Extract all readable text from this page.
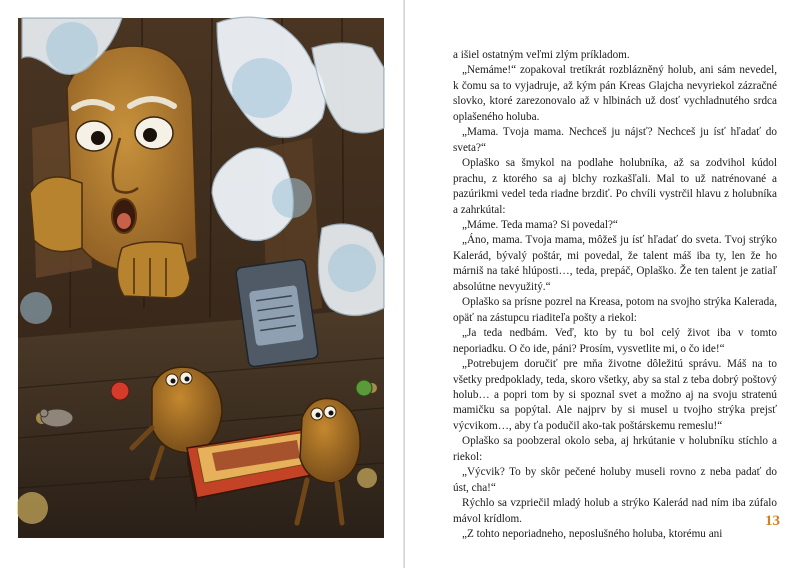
a išiel ostatným veľmi zlým príkladom.

„Nemáme!“ zopakoval tretíkrát rozblázněný holub, ani sám nevedel, k čomu sa to vyjadruje, až kým pán Kreas Glajcha nevyriekol zázračné slovko, ktoré zarezonovalo až v hlbinách už dosť vychladnutého srdca oplašeného holuba.

„Mama. Tvoja mama. Nechceš ju nájsť? Nechceš ju ísť hľadať do sveta?“

Oplaško sa šmykol na podlahe holubníka, až sa zodvihol kúdol prachu, z ktorého sa aj blchy rozkašľali. Mal to už natrénované a pazúrikmi vedel teda riadne brzdiť. Po chvíli vystrčil hlavu z holubníka a zahrkútal:

„Máme. Teda mama? Si povedal?“

„Áno, mama. Tvoja mama, môžeš ju ísť hľadať do sveta. Tvoj strýko Kalerád, bývalý poštár, mi povedal, že talent máš iba ty, len že ho márniš na také hlúposti…, teda, prepáč, Oplaško. Že ten talent je zatiaľ absolútne nevyužitý.“

Oplaško sa prísne pozrel na Kreasa, potom na svojho strýka Kalerada, opäť na zástupcu riaditeľa pošty a riekol:

„Ja teda nedbám. Veď, kto by tu bol celý život iba v tomto neporiadku. O čo ide, páni? Prosím, vysvetlite mi, o čo ide!“

„Potrebujem doručiť pre mňa životne dôležitú správu. Máš na to všetky predpoklady, teda, skoro všetky, aby sa stal z teba dobrý poštový holub… a popri tom by si spoznal svet a možno aj na svoju stratenú mamičku sa popýtal. Ale najprv by si musel u tvojho strýka prejsť výcvikom…, aby ťa podučil ako-tak poštárskemu remeslu!“

Oplaško sa poobzeral okolo seba, aj hrkútanie v holubníku stíchlo a riekol:

„Výcvik? To by skôr pečené holuby museli rovno z neba padať do úst, cha!“

Rýchlo sa vzpriečil mladý holub a strýko Kalerád nad ním iba zúfalo mávol krídlom.

„Z tohto neporiadneho, neposlušného holuba, ktorému ani

13
